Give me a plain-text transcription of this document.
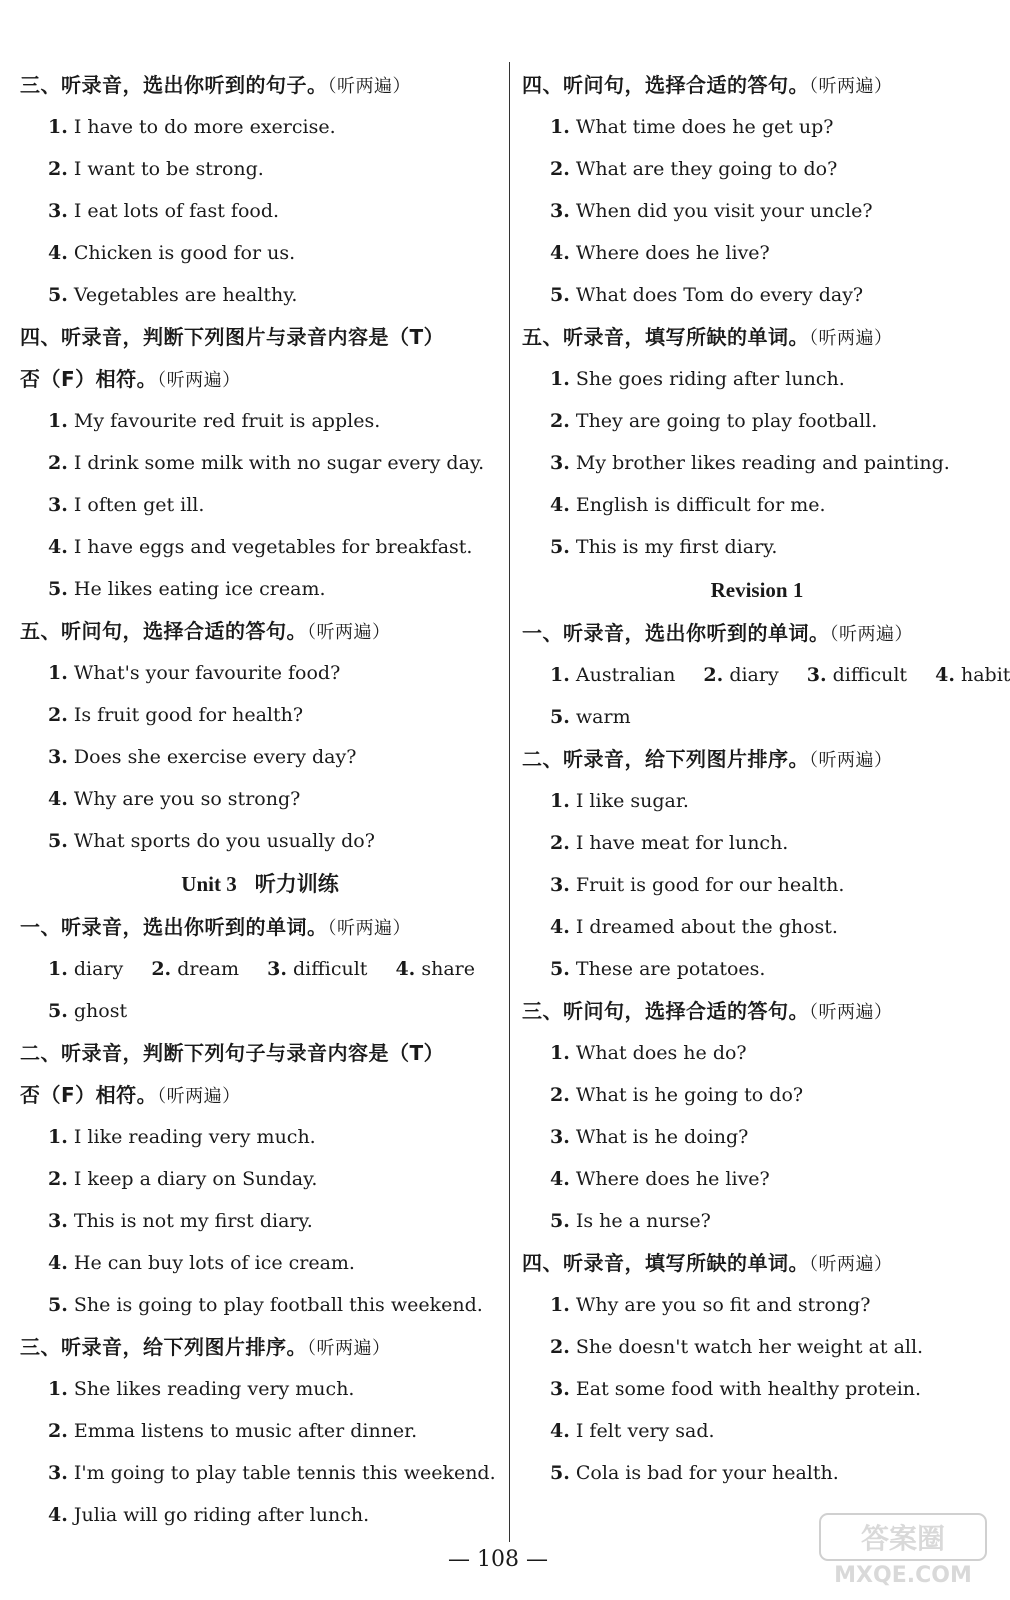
三、听录音，选出你听到的句子。（听两遍）
1. I have to do more exercise.
2. I want to be strong.
3. I eat lots of fast food.
4. Chicken is good for us.
5. Vegetables are healthy.
四、听录音，判断下列图片与录音内容是（T）
否（F）相符。（听两遍）
1. My favourite red fruit is apples.
2. I drink some milk with no sugar every day.
3. I often get ill.
4. I have eggs and vegetables for breakfast.
5. He likes eating ice cream.
五、听问句，选择合适的答句。（听两遍）
1. What's your favourite food?
2. Is fruit good for health?
3. Does she exercise every day?
4. Why are you so strong?
5. What sports do you usually do?
Unit 3 听力训练
一、听录音，选出你听到的单词。（听两遍）
1. diary 2. dream 3. difficult 4. share
5. ghost
二、听录音，判断下列句子与录音内容是（T）
否（F）相符。（听两遍）
1. I like reading very much.
2. I keep a diary on Sunday.
3. This is not my first diary.
4. He can buy lots of ice cream.
5. She is going to play football this weekend.
三、听录音，给下列图片排序。（听两遍）
1. She likes reading very much.
2. Emma listens to music after dinner.
3. I'm going to play table tennis this weekend.
4. Julia will go riding after lunch.
四、听问句，选择合适的答句。（听两遍）
1. What time does he get up?
2. What are they going to do?
3. When did you visit your uncle?
4. Where does he live?
5. What does Tom do every day?
五、听录音，填写所缺的单词。（听两遍）
1. She goes riding after lunch.
2. They are going to play football.
3. My brother likes reading and painting.
4. English is difficult for me.
5. This is my first diary.
Revision 1
一、听录音，选出你听到的单词。（听两遍）
1. Australian 2. diary 3. difficult 4. habit
5. warm
二、听录音，给下列图片排序。（听两遍）
1. I like sugar.
2. I have meat for lunch.
3. Fruit is good for our health.
4. I dreamed about the ghost.
5. These are potatoes.
三、听问句，选择合适的答句。（听两遍）
1. What does he do?
2. What is he going to do?
3. What is he doing?
4. Where does he live?
5. Is he a nurse?
四、听录音，填写所缺的单词。（听两遍）
1. Why are you so fit and strong?
2. She doesn't watch her weight at all.
3. Eat some food with healthy protein.
4. I felt very sad.
5. Cola is bad for your health.
— 108 —
答案圈
MXQE.COM
